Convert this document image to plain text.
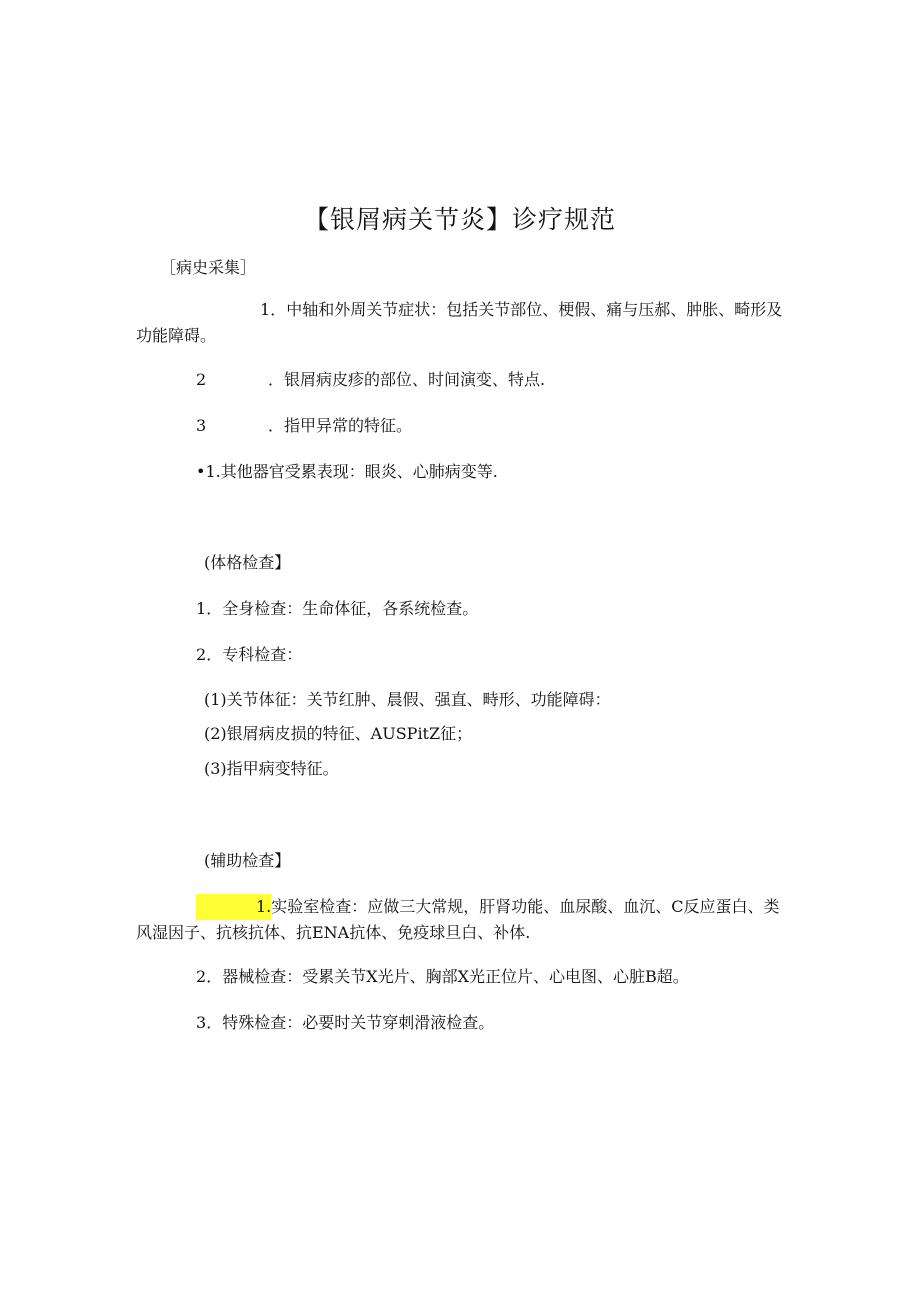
【银屑病关节炎】诊疗规范
［病史采集］
1．中轴和外周关节症状：包括关节部位、梗假、痛与压郝、肿胀、畸形及功能障碍。
2	．银屑病皮疹的部位、时间演变、特点.
3	．指甲异常的特征。
•1.其他器官受累表现：眼炎、心肺病变等.
(体格检查】
1．全身检查：生命体征，各系统检查。
2．专科检查：
(1)关节体征：关节红肿、晨假、强直、畤形、功能障碍：
(2)银屑病皮损的特征、AUSPitZ征；
(3)指甲病变特征。
(辅助检查】
1.实验室检查：应做三大常规，肝肾功能、血尿酸、血沉、C反应蛋白、类风湿因子、抗核抗体、抗ENA抗体、免疫球旦白、补体.
2．器械检查：受累关节X光片、胸部X光正位片、心电图、心脏B超。
3．特殊检查：必要时关节穿刺滑液检查。
